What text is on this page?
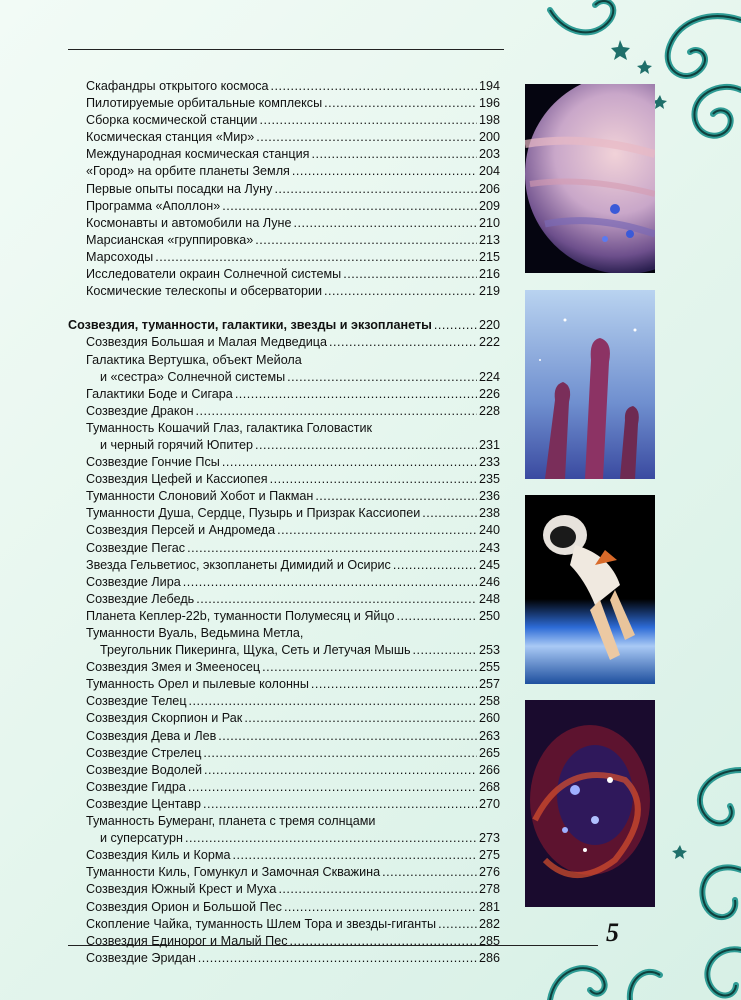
Скафандры открытого космоса .....	194
Пилотируемые орбитальные комплексы .....	196
Сборка космической станции .....	198
Космическая станция «Мир» .....	200
Международная космическая станция .....	203
«Город» на орбите планеты Земля .....	204
Первые опыты посадки на Луну .....	206
Программа «Аполлон» .....	209
Космонавты и автомобили на Луне .....	210
Марсианская «группировка» .....	213
Марсоходы .....	215
Исследователи окраин Солнечной системы .....	216
Космические телескопы и обсерватории .....	219
Созвездия, туманности, галактики, звезды и экзопланеты .....	220
Созвездия Большая и Малая Медведица .....	222
Галактика Вертушка, объект Мейола
и «сестра» Солнечной системы .....	224
Галактики Боде и Сигара .....	226
Созвездие Дракон .....	228
Туманность Кошачий Глаз, галактика Головастик
и черный горячий Юпитер .....	231
Созвездие Гончие Псы .....	233
Созвездия Цефей и Кассиопея .....	235
Туманности Слоновий Хобот и Пакман .....	236
Туманности Душа, Сердце, Пузырь и Призрак Кассиопеи .....	238
Созвездия Персей и Андромеда .....	240
Созвездие Пегас .....	243
Звезда Гельветиос, экзопланеты Димидий и Осирис .....	245
Созвездие Лира .....	246
Созвездие Лебедь .....	248
Планета Кеплер-22b, туманности Полумесяц и Яйцо .....	250
Туманности Вуаль, Ведьмина Метла,
Треугольник Пикеринга, Щука, Сеть и Летучая Мышь .....	253
Созвездия Змея и Змееносец .....	255
Туманность Орел и пылевые колонны .....	257
Созвездие Телец .....	258
Созвездия Скорпион и Рак .....	260
Созвездия Дева и Лев .....	263
Созвездие Стрелец .....	265
Созвездие Водолей .....	266
Созвездие Гидра .....	268
Созвездие Центавр .....	270
Туманность Бумеранг, планета с тремя солнцами
и суперсатурн .....	273
Созвездия Киль и Корма .....	275
Туманности Киль, Гомункул и Замочная Скважина .....	276
Созвездия Южный Крест и Муха .....	278
Созвездия Орион и Большой Пес .....	281
Скопление Чайка, туманность Шлем Тора и звезды-гиганты .....	282
Созвездия Единорог и Малый Пес .....	285
Созвездие Эридан .....	286
5
